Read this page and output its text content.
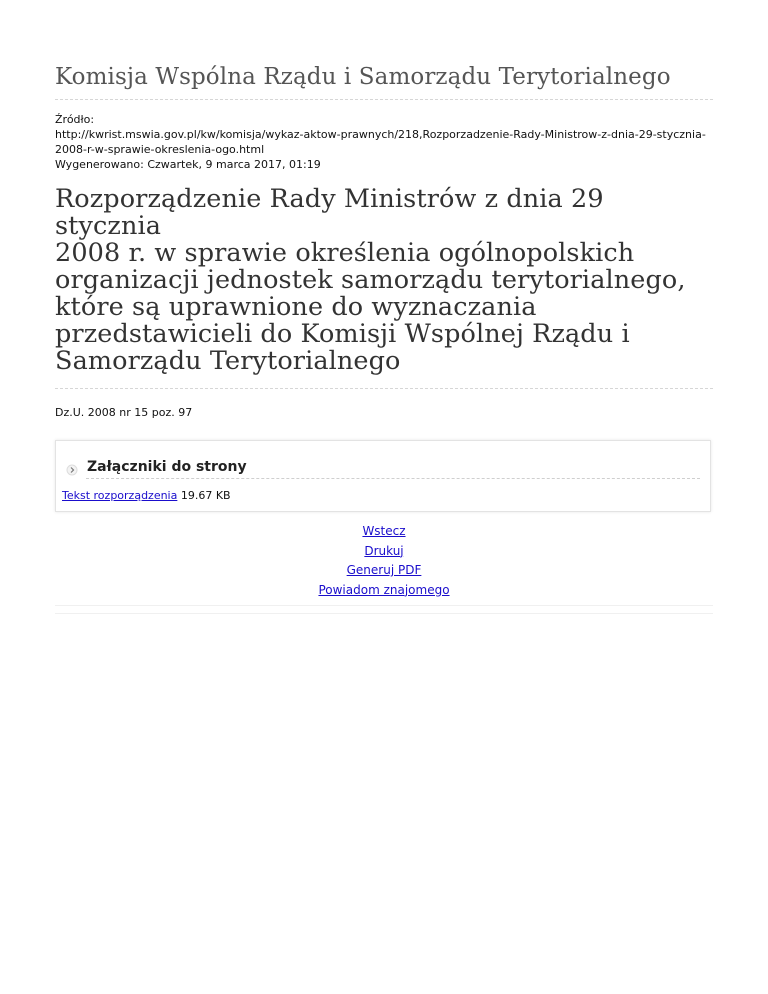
Komisja Wspólna Rządu i Samorządu Terytorialnego
Źródło:
http://kwrist.mswia.gov.pl/kw/komisja/wykaz-aktow-prawnych/218,Rozporzadzenie-Rady-Ministrow-z-dnia-29-stycznia-
2008-r-w-sprawie-okreslenia-ogo.html
Wygenerowano: Czwartek, 9 marca 2017, 01:19
Rozporządzenie Rady Ministrów z dnia 29 stycznia
2008 r. w sprawie określenia ogólnopolskich
organizacji jednostek samorządu terytorialnego,
które są uprawnione do wyznaczania
przedstawicieli do Komisji Wspólnej Rządu i
Samorządu Terytorialnego
Dz.U. 2008 nr 15 poz. 97
Załączniki do strony
Tekst rozporządzenia 19.67 KB
Wstecz
Drukuj
Generuj PDF
Powiadom znajomego
